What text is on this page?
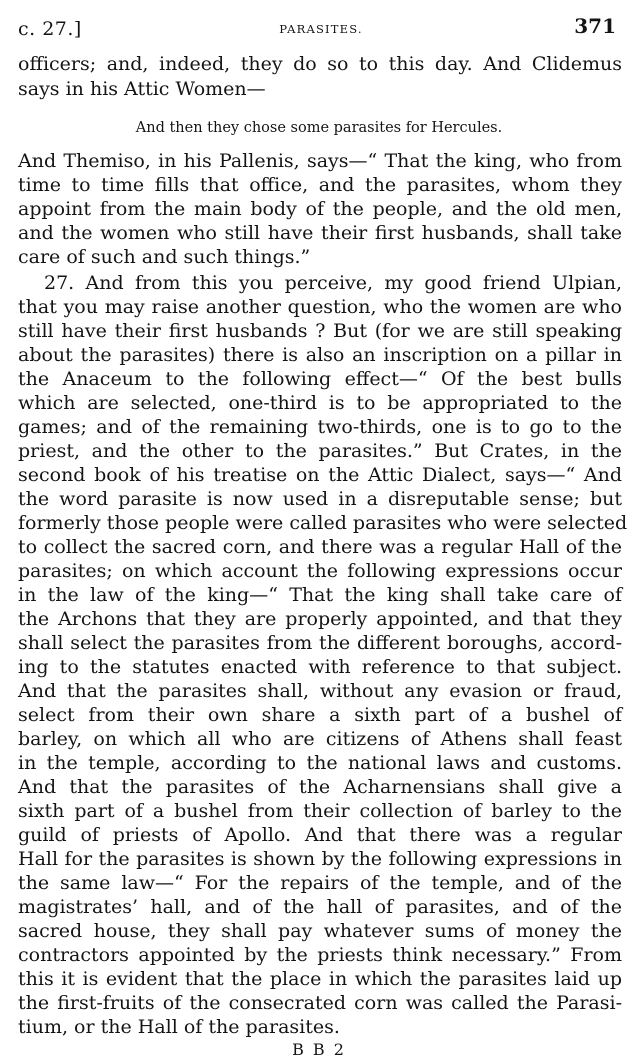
c. 27.]	PARASITES.	371
officers; and, indeed, they do so to this day. And Clidemus
says in his Attic Women—
And then they chose some parasites for Hercules.
And Themiso, in his Pallenis, says—“ That the king, who from
time to time fills that office, and the parasites, whom they
appoint from the main body of the people, and the old men,
and the women who still have their first husbands, shall take
care of such and such things.”
27. And from this you perceive, my good friend Ulpian,
that you may raise another question, who the women are who
still have their first husbands ? But (for we are still speaking
about the parasites) there is also an inscription on a pillar in
the Anaceum to the following effect—“ Of the best bulls
which are selected, one-third is to be appropriated to the
games; and of the remaining two-thirds, one is to go to the
priest, and the other to the parasites.” But Crates, in the
second book of his treatise on the Attic Dialect, says—“ And
the word parasite is now used in a disreputable sense; but
formerly those people were called parasites who were selected
to collect the sacred corn, and there was a regular Hall of the
parasites; on which account the following expressions occur
in the law of the king—“ That the king shall take care of
the Archons that they are properly appointed, and that they
shall select the parasites from the different boroughs, accord-
ing to the statutes enacted with reference to that subject.
And that the parasites shall, without any evasion or fraud,
select from their own share a sixth part of a bushel of
barley, on which all who are citizens of Athens shall feast
in the temple, according to the national laws and customs.
And that the parasites of the Acharnensians shall give a
sixth part of a bushel from their collection of barley to the
guild of priests of Apollo. And that there was a regular
Hall for the parasites is shown by the following expressions in
the same law—“ For the repairs of the temple, and of the
magistrates’ hall, and of the hall of parasites, and of the
sacred house, they shall pay whatever sums of money the
contractors appointed by the priests think necessary.” From
this it is evident that the place in which the parasites laid up
the first-fruits of the consecrated corn was called the Parasi-
tium, or the Hall of the parasites.
B B 2
